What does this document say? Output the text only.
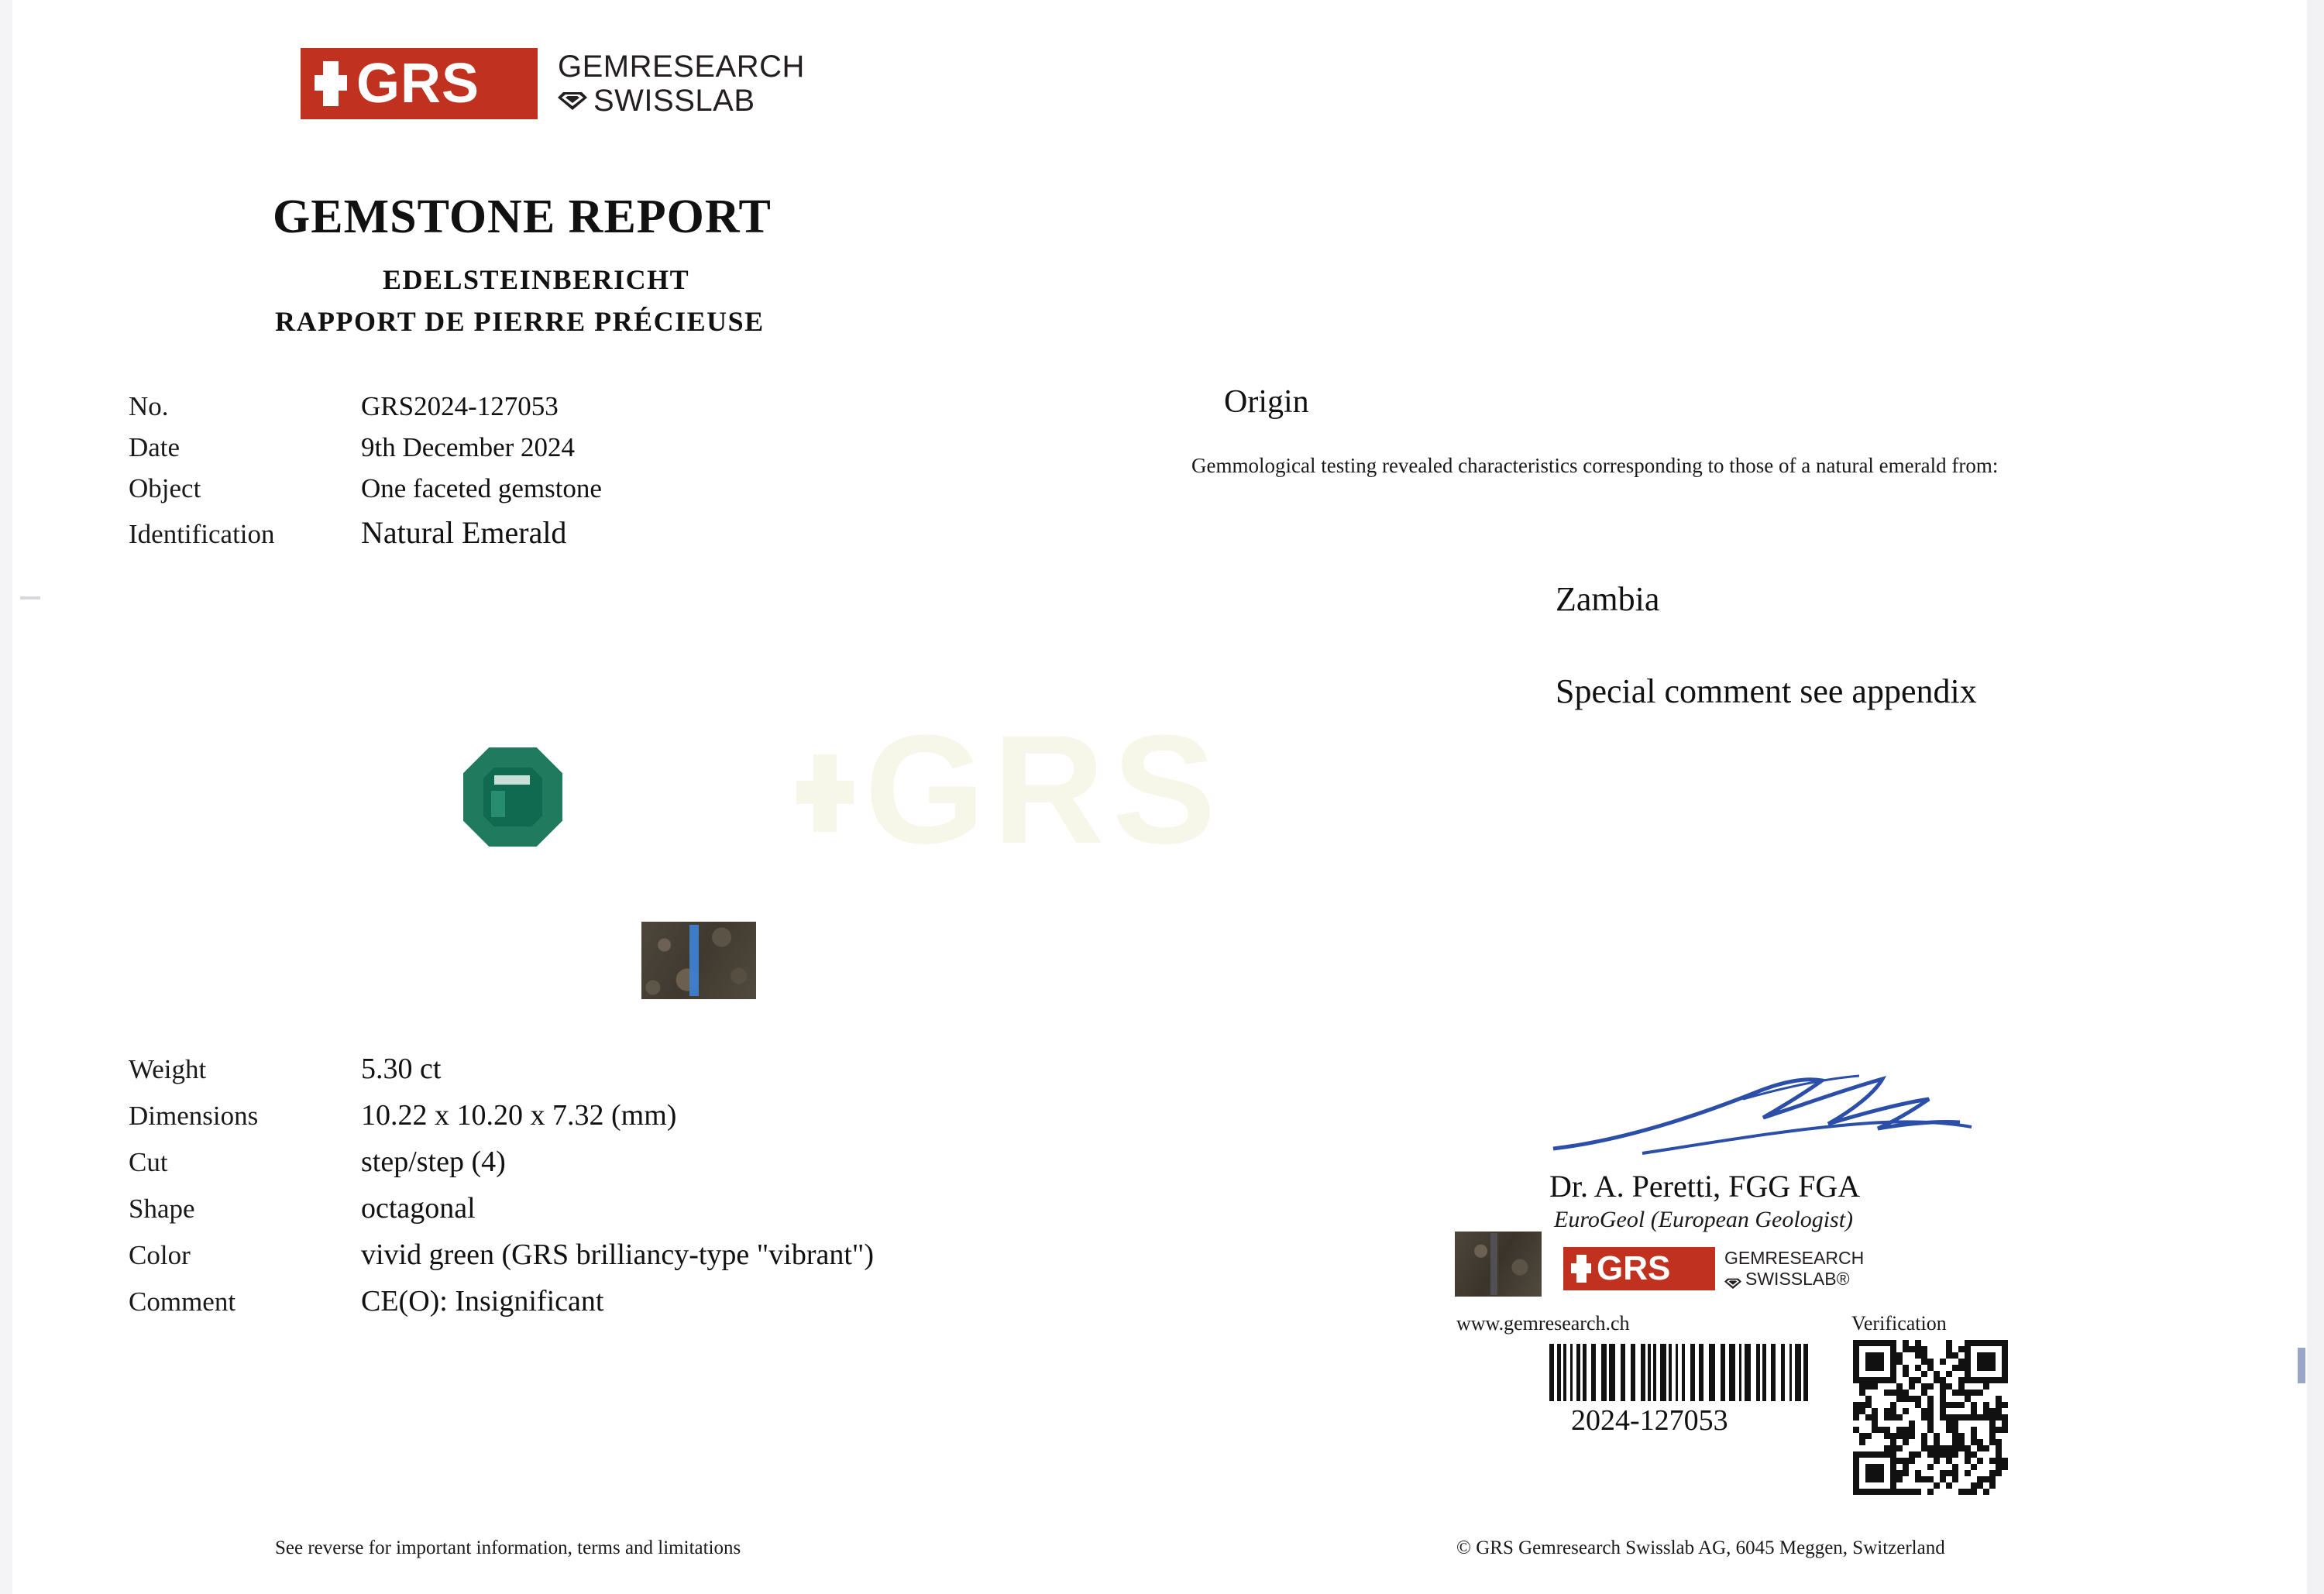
GRS
GRS	GEMRESEARCH
SWISSLAB
GEMSTONE REPORT
EDELSTEINBERICHT
RAPPORT DE PIERRE PRÉCIEUSE
No.	GRS2024-127053
Date	9th December 2024
Object	One faceted gemstone
Identification	Natural Emerald
Origin
Gemmological testing revealed characteristics corresponding to those of a natural emerald from:
Zambia
Special comment see appendix
Weight	5.30 ct
Dimensions	10.22 x 10.20 x 7.32 (mm)
Cut	step/step (4)
Shape	octagonal
Color	vivid green (GRS brilliancy-type "vibrant")
Comment	CE(O): Insignificant
Dr. A. Peretti, FGG FGA
EuroGeol (European Geologist)
GRS	GEMRESEARCH
SWISSLAB ®
www.gemresearch.ch	Verification
2024-127053
See reverse for important information, terms and limitations	© GRS Gemresearch Swisslab AG, 6045 Meggen, Switzerland
